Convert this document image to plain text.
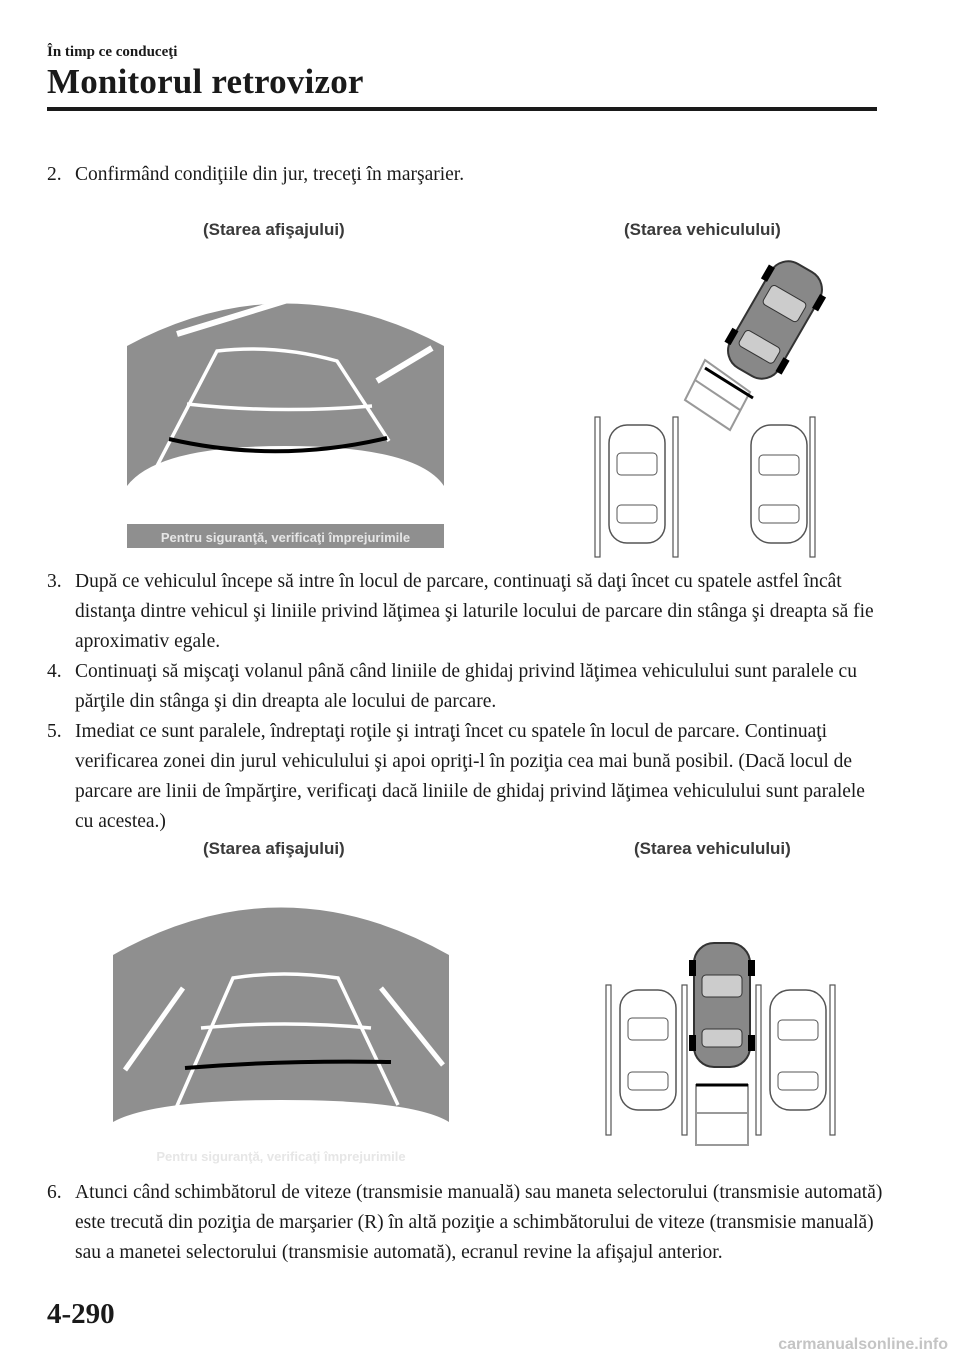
În timp ce conduceţi
Monitorul retrovizor
2. Confirmând condiţiile din jur, treceţi în marşarier.
(Starea afişajului)	(Starea vehiculului)
Pentru siguranţă, verificaţi împrejurimile
3. După ce vehiculul începe să intre în locul de parcare, continuaţi să daţi încet cu spatele astfel încât distanţa dintre vehicul şi liniile privind lăţimea şi laturile locului de parcare din stânga şi dreapta să fie aproximativ egale.
4. Continuaţi să mişcaţi volanul până când liniile de ghidaj privind lăţimea vehiculului sunt paralele cu părţile din stânga şi din dreapta ale locului de parcare.
5. Imediat ce sunt paralele, îndreptaţi roţile şi intraţi încet cu spatele în locul de parcare. Continuaţi verificarea zonei din jurul vehiculului şi apoi opriţi-l în poziţia cea mai bună posibil. (Dacă locul de parcare are linii de împărţire, verificaţi dacă liniile de ghidaj privind lăţimea vehiculului sunt paralele cu acestea.)
(Starea afişajului)	(Starea vehiculului)
Pentru siguranţă, verificaţi împrejurimile
6. Atunci când schimbătorul de viteze (transmisie manuală) sau maneta selectorului (transmisie automată) este trecută din poziţia de marşarier (R) în altă poziţie a schimbătorului de viteze (transmisie manuală) sau a manetei selectorului (transmisie automată), ecranul revine la afişajul anterior.
4-290
carmanualsonline.info
